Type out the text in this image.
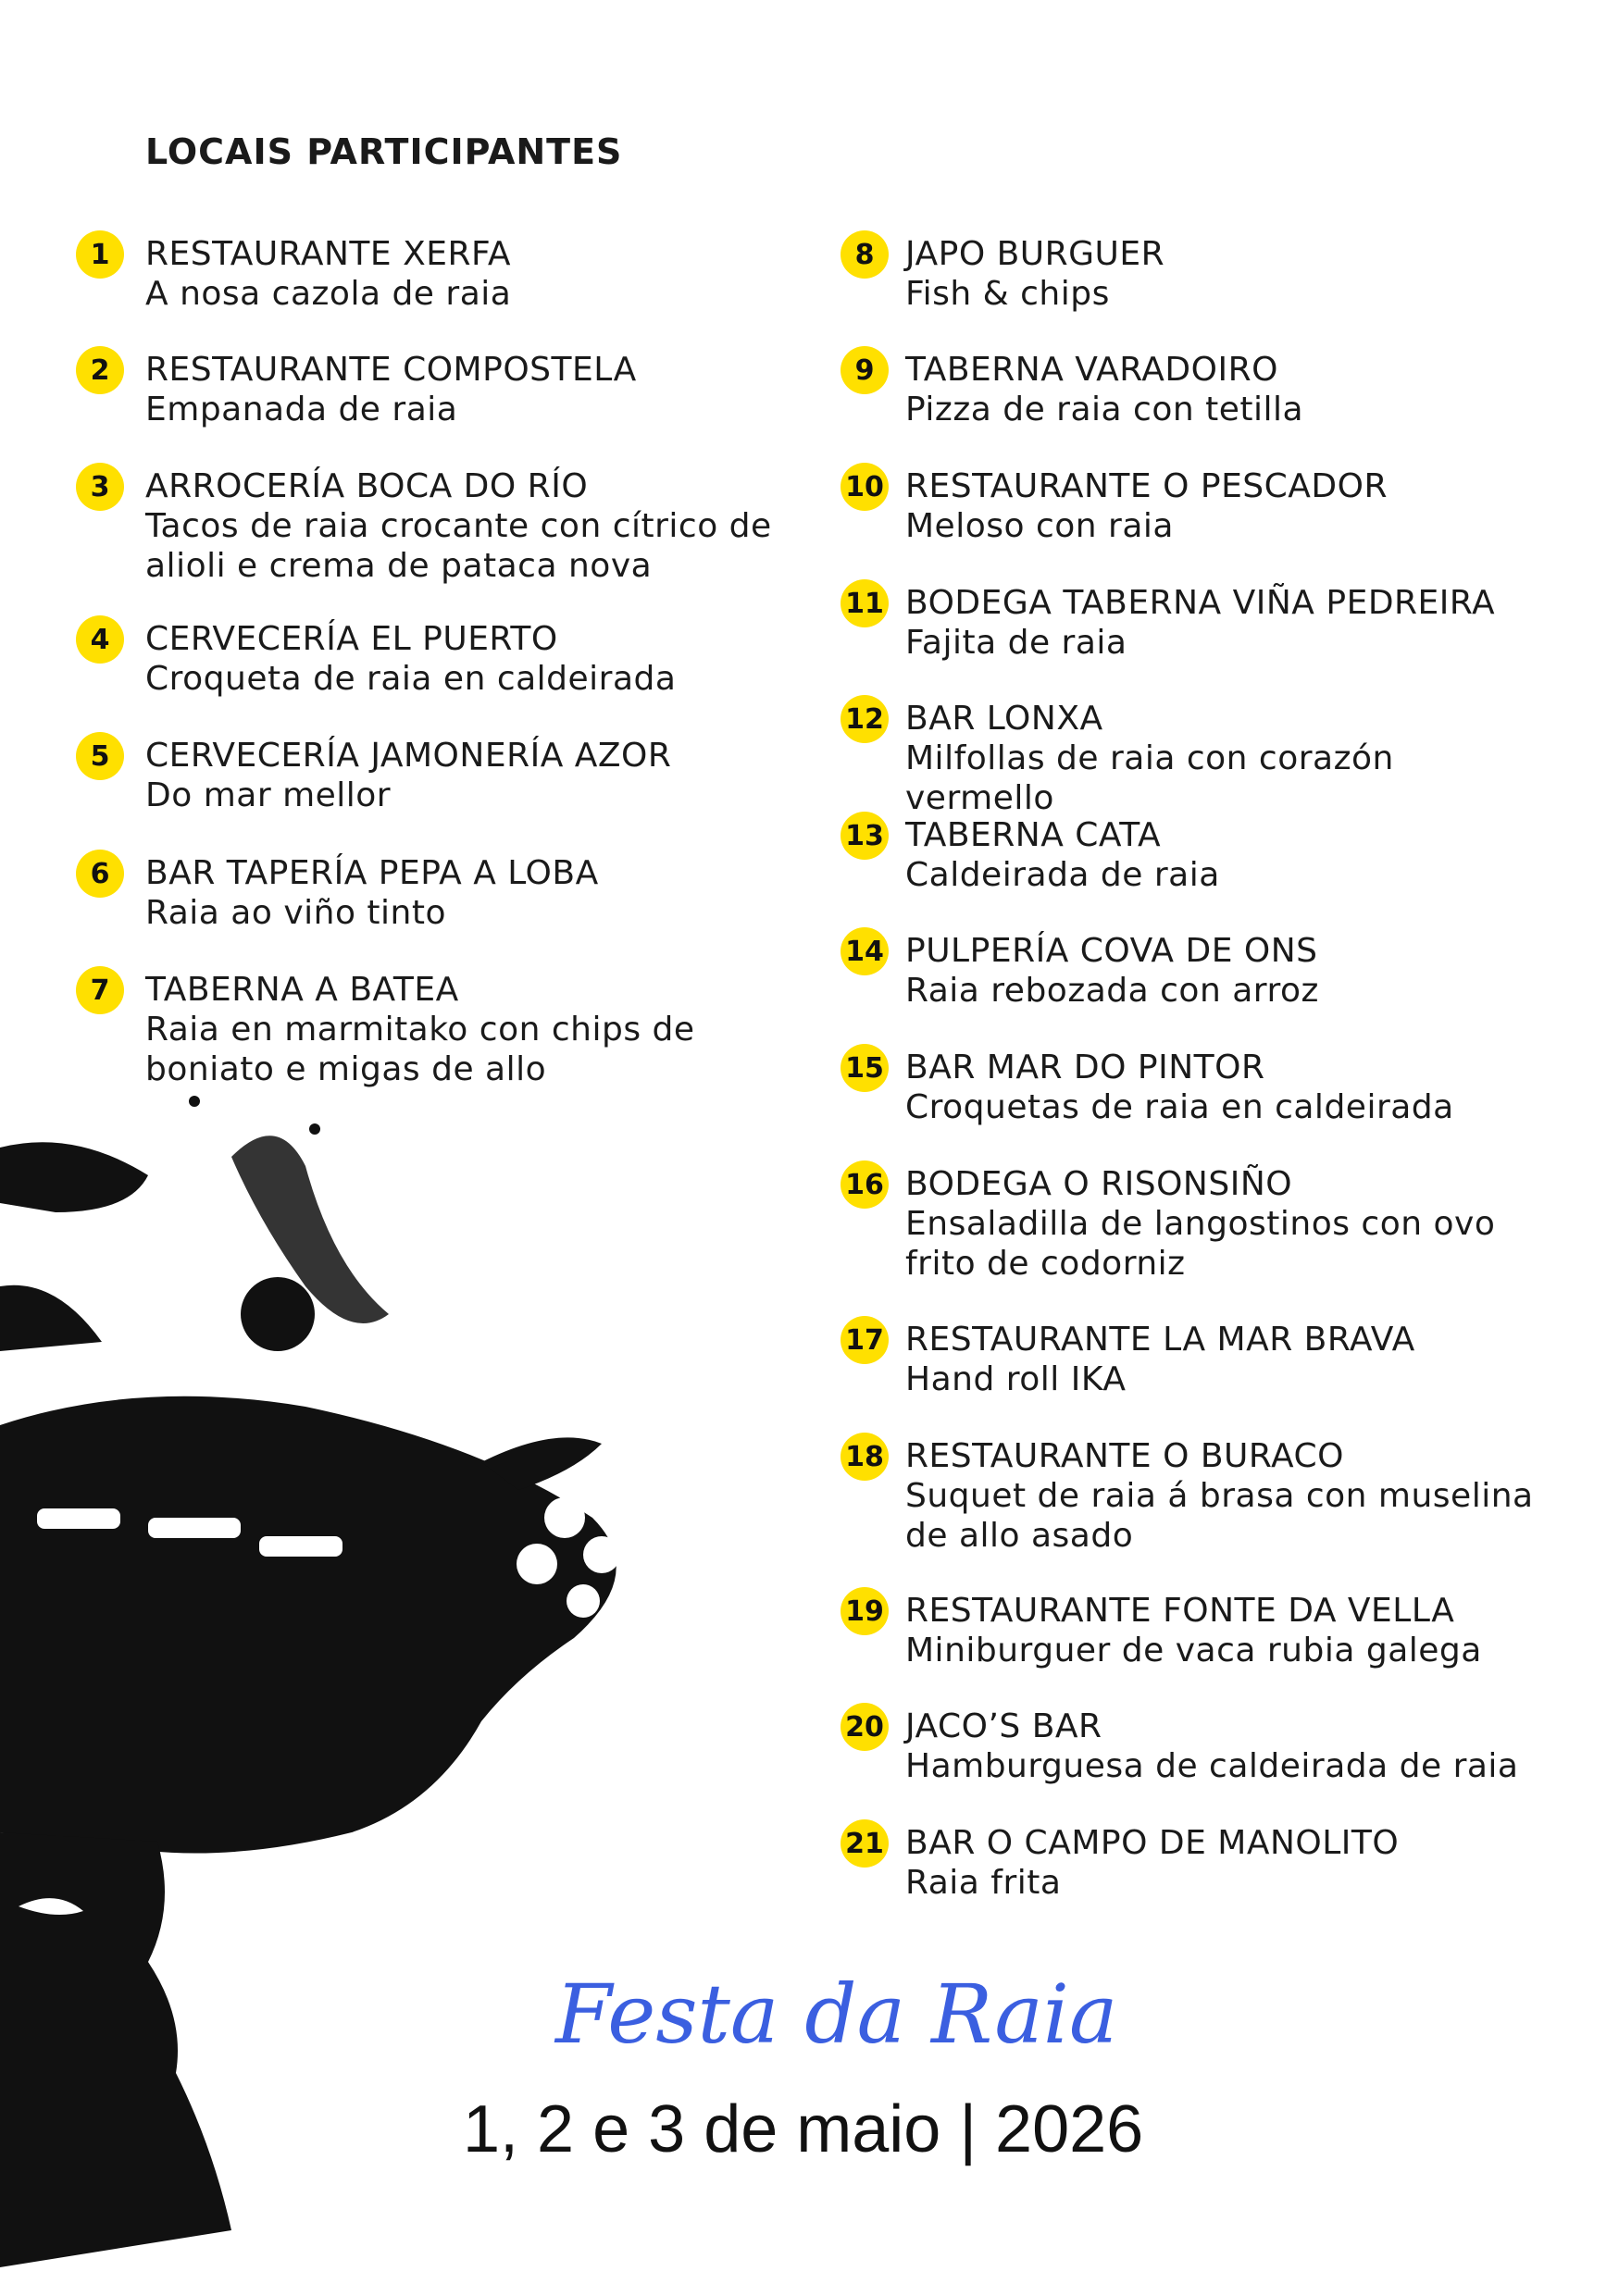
LOCAIS PARTICIPANTES
1	RESTAURANTE XERFA
A nosa cazola de raia
2	RESTAURANTE COMPOSTELA
Empanada de raia
3	ARROCERÍA BOCA DO RÍO
Tacos de raia crocante con cítrico de alioli e crema de pataca nova
4	CERVECERÍA EL PUERTO
Croqueta de raia en caldeirada
5	CERVECERÍA JAMONERÍA AZOR
Do mar mellor
6	BAR TAPERÍA PEPA A LOBA
Raia ao viño tinto
7	TABERNA A BATEA
Raia en marmitako con chips de boniato e migas de allo
8 JAPO BURGUER
Fish & chips
9 TABERNA VARADOIRO
Pizza de raia con tetilla
10 RESTAURANTE O PESCADOR
Meloso con raia
11 BODEGA TABERNA VIÑA PEDREIRA
Fajita de raia
12 BAR LONXA
Milfollas de raia con corazón vermello
13 TABERNA CATA
Caldeirada de raia
14 PULPERÍA COVA DE ONS
Raia rebozada con arroz
15 BAR MAR DO PINTOR
Croquetas de raia en caldeirada
16 BODEGA O RISONSIÑO
Ensaladilla de langostinos con ovo frito de codorniz
17 RESTAURANTE LA MAR BRAVA
Hand roll IKA
18 RESTAURANTE O BURACO
Suquet de raia á brasa con muselina de allo asado
19 RESTAURANTE FONTE DA VELLA
Miniburguer de vaca rubia galega
20 JACO’S BAR
Hamburguesa de caldeirada de raia
21 BAR O CAMPO DE MANOLITO
Raia frita
Festa da Raia
1, 2 e 3 de maio | 2026
